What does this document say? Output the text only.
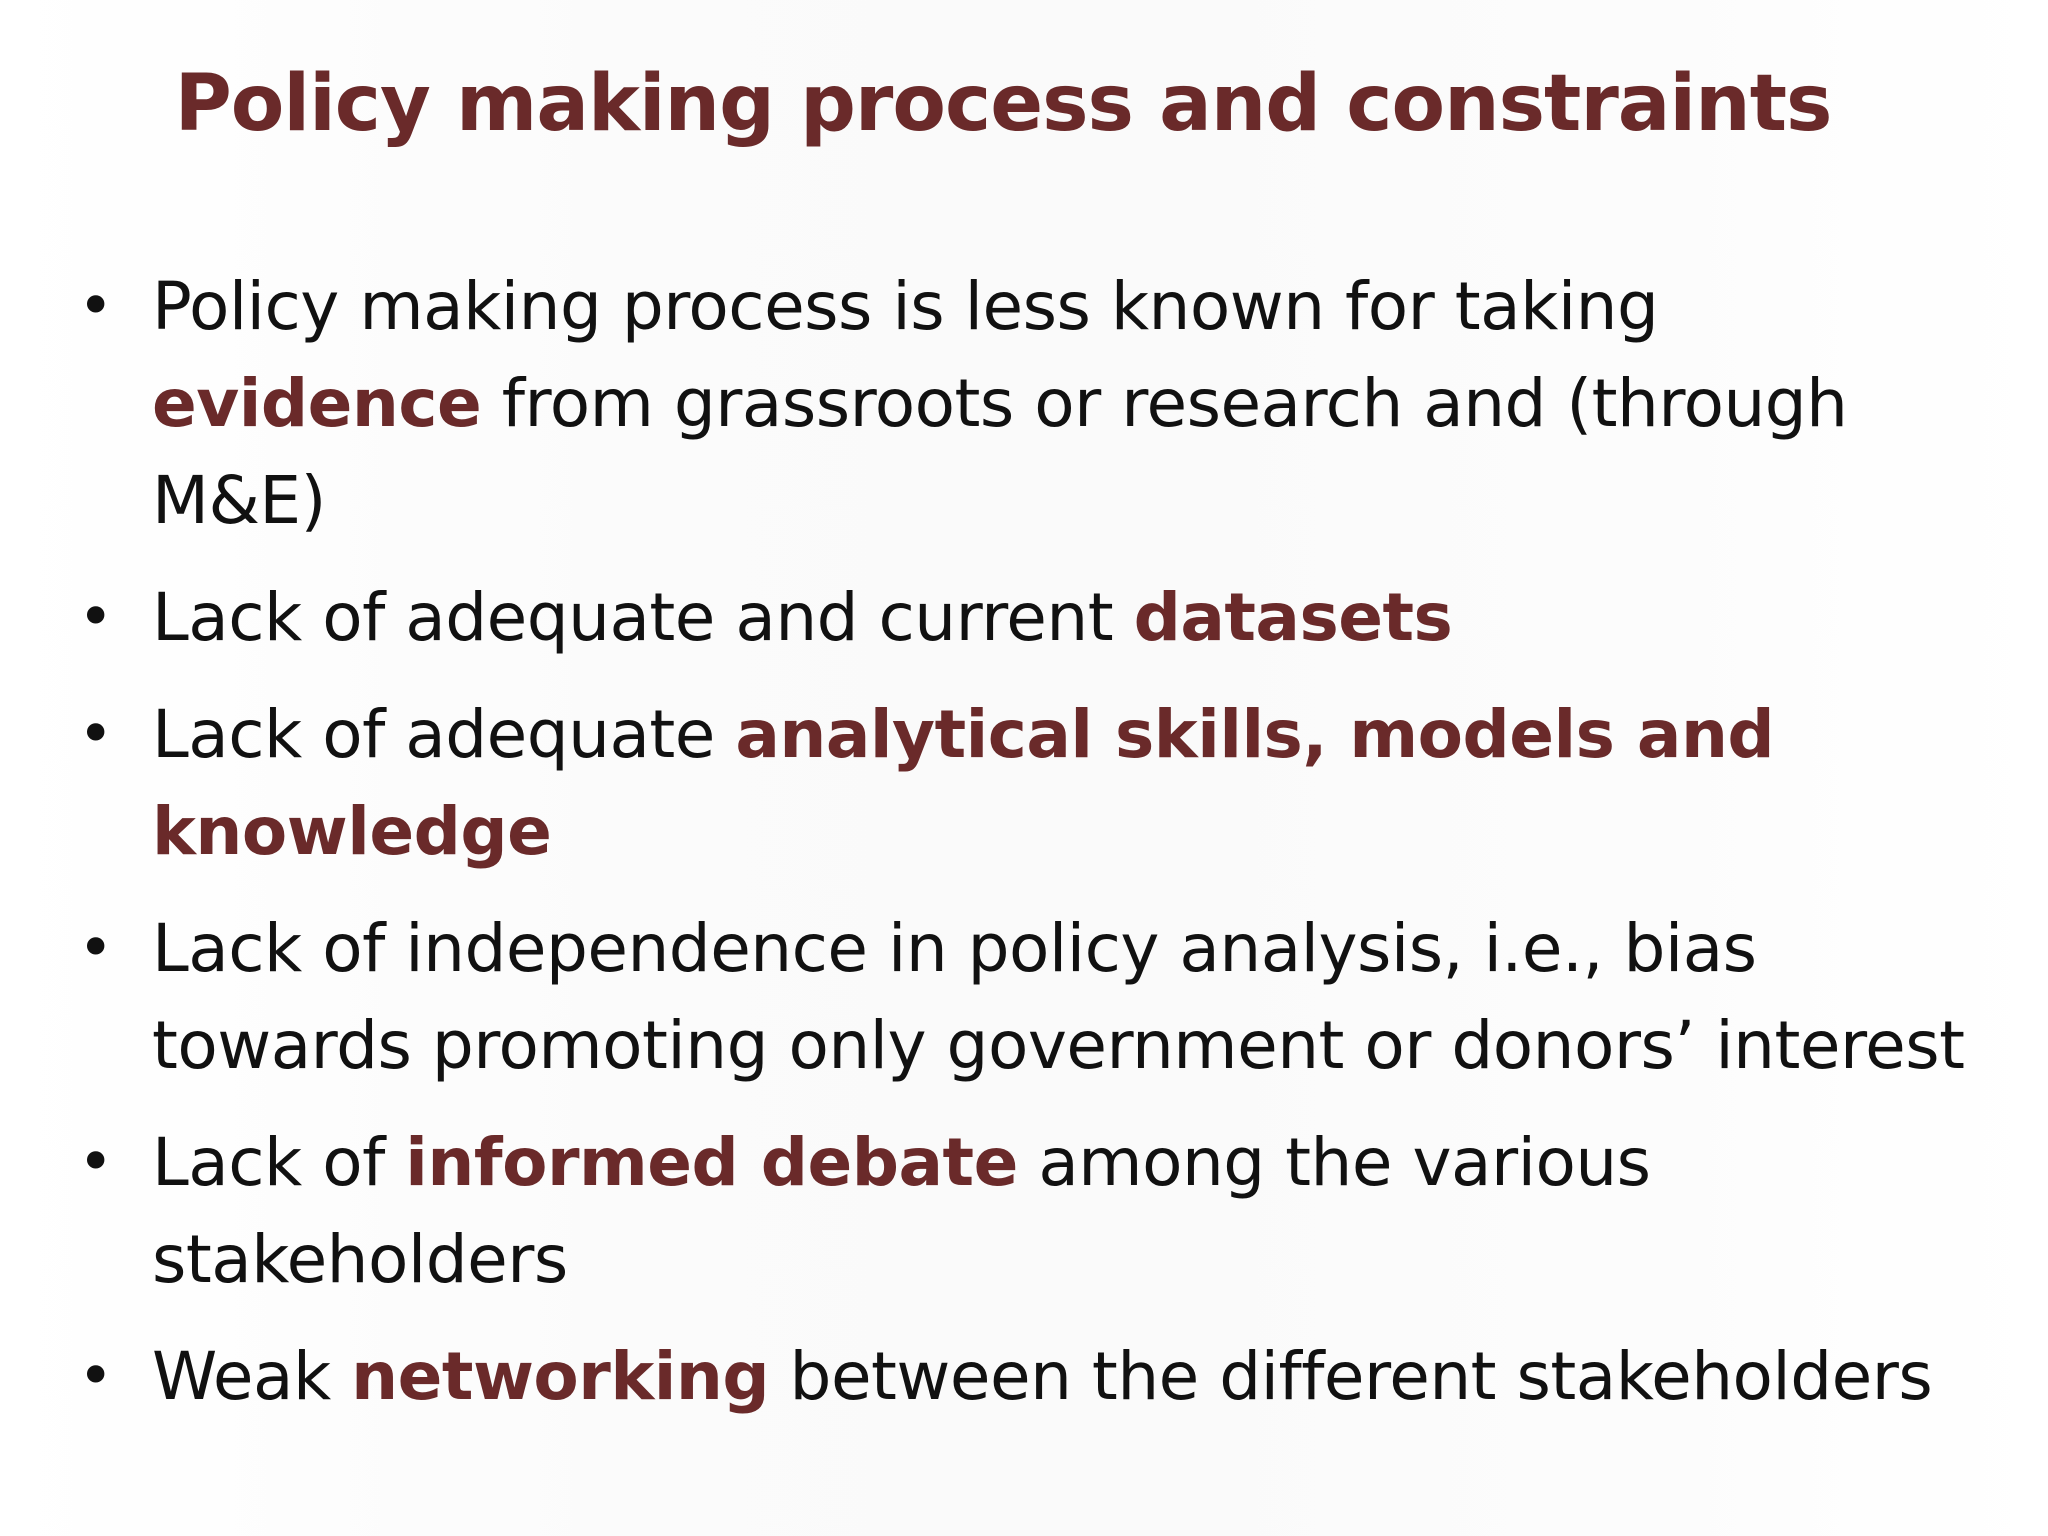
Policy making process and constraints
• Policy making process is less known for taking evidence from grassroots or research and (through M&E)
• Lack of adequate and current datasets
• Lack of adequate analytical skills, models and knowledge
• Lack of independence in policy analysis, i.e., bias towards promoting only government or donors’ interest
• Lack of informed debate among the various stakeholders
• Weak networking between the different stakeholders
